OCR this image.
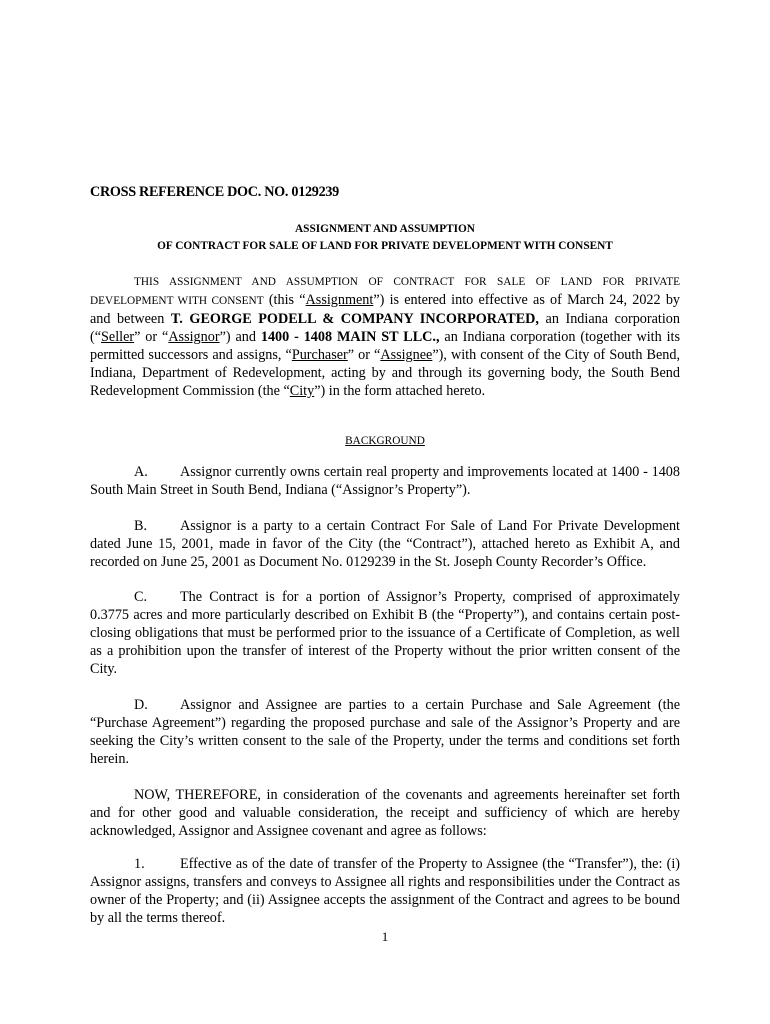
CROSS REFERENCE DOC. NO. 0129239
ASSIGNMENT AND ASSUMPTION
OF CONTRACT FOR SALE OF LAND FOR PRIVATE DEVELOPMENT WITH CONSENT

THIS ASSIGNMENT AND ASSUMPTION OF CONTRACT FOR SALE OF LAND FOR PRIVATE DEVELOPMENT WITH CONSENT (this “Assignment”) is entered into effective as of March 24, 2022 by and between T. GEORGE PODELL & COMPANY INCORPORATED, an Indiana corporation (“Seller” or “Assignor”) and 1400 - 1408 MAIN ST LLC., an Indiana corporation (together with its permitted successors and assigns, “Purchaser” or “Assignee”), with consent of the City of South Bend, Indiana, Department of Redevelopment, acting by and through its governing body, the South Bend Redevelopment Commission (the “City”) in the form attached hereto.

BACKGROUND

A. Assignor currently owns certain real property and improvements located at 1400 - 1408 South Main Street in South Bend, Indiana (“Assignor’s Property”).

B. Assignor is a party to a certain Contract For Sale of Land For Private Development dated June 15, 2001, made in favor of the City (the “Contract”), attached hereto as Exhibit A, and recorded on June 25, 2001 as Document No. 0129239 in the St. Joseph County Recorder’s Office.

C. The Contract is for a portion of Assignor’s Property, comprised of approximately 0.3775 acres and more particularly described on Exhibit B (the “Property”), and contains certain post-closing obligations that must be performed prior to the issuance of a Certificate of Completion, as well as a prohibition upon the transfer of interest of the Property without the prior written consent of the City.

D. Assignor and Assignee are parties to a certain Purchase and Sale Agreement (the “Purchase Agreement”) regarding the proposed purchase and sale of the Assignor’s Property and are seeking the City’s written consent to the sale of the Property, under the terms and conditions set forth herein.

NOW, THEREFORE, in consideration of the covenants and agreements hereinafter set forth and for other good and valuable consideration, the receipt and sufficiency of which are hereby acknowledged, Assignor and Assignee covenant and agree as follows:

1. Effective as of the date of transfer of the Property to Assignee (the “Transfer”), the: (i) Assignor assigns, transfers and conveys to Assignee all rights and responsibilities under the Contract as owner of the Property; and (ii) Assignee accepts the assignment of the Contract and agrees to be bound by all the terms thereof.

1
